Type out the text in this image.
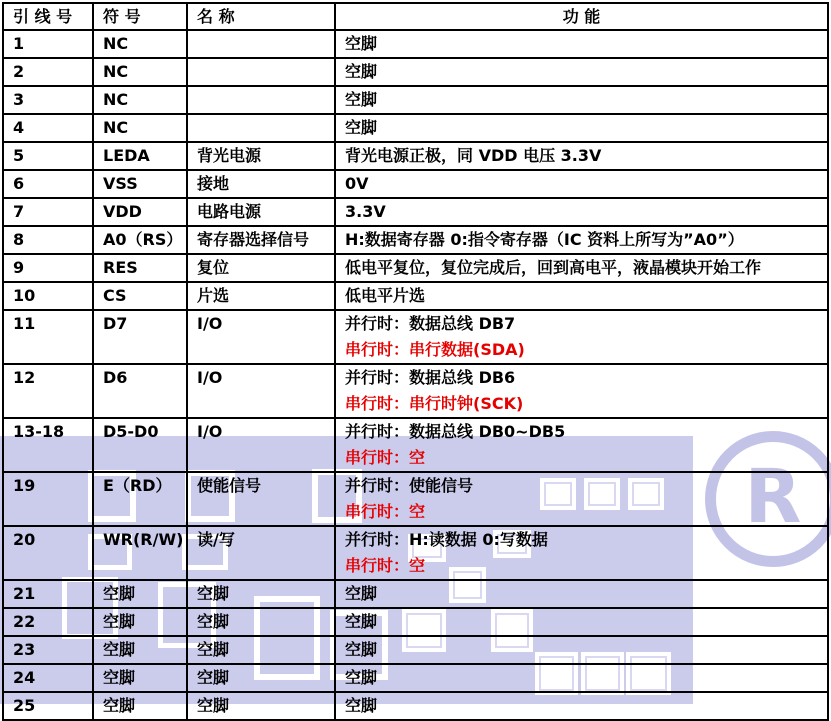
R
引 线 号	符 号	名 称	功 能
1	NC		空脚

2	NC		空脚

3	NC		空脚

4	NC		空脚

5	LEDA	背光电源	背光电源正极，同 VDD 电压 3.3V

6	VSS	接地	0V

7	VDD	电路电源	3.3V

8	A0（RS）	寄存器选择信号	H:数据寄存器 0:指令寄存器（IC 资料上所写为”A0”）

9	RES	复位	低电平复位，复位完成后，回到高电平，液晶模块开始工作

10	CS	片选	低电平片选

11	D7	I/O	并行时：数据总线 DB7
串行时：串行数据(SDA)

12	D6	I/O	并行时：数据总线 DB6
串行时：串行时钟(SCK)

13-18	D5-D0	I/O	并行时：数据总线 DB0~DB5
串行时：空

19	E（RD）	使能信号	并行时：使能信号
串行时：空

20	WR(R/W)	读/写	并行时：H:读数据 0:写数据
串行时：空

21	空脚	空脚	空脚

22	空脚	空脚	空脚

23	空脚	空脚	空脚

24	空脚	空脚	空脚

25	空脚	空脚	空脚
